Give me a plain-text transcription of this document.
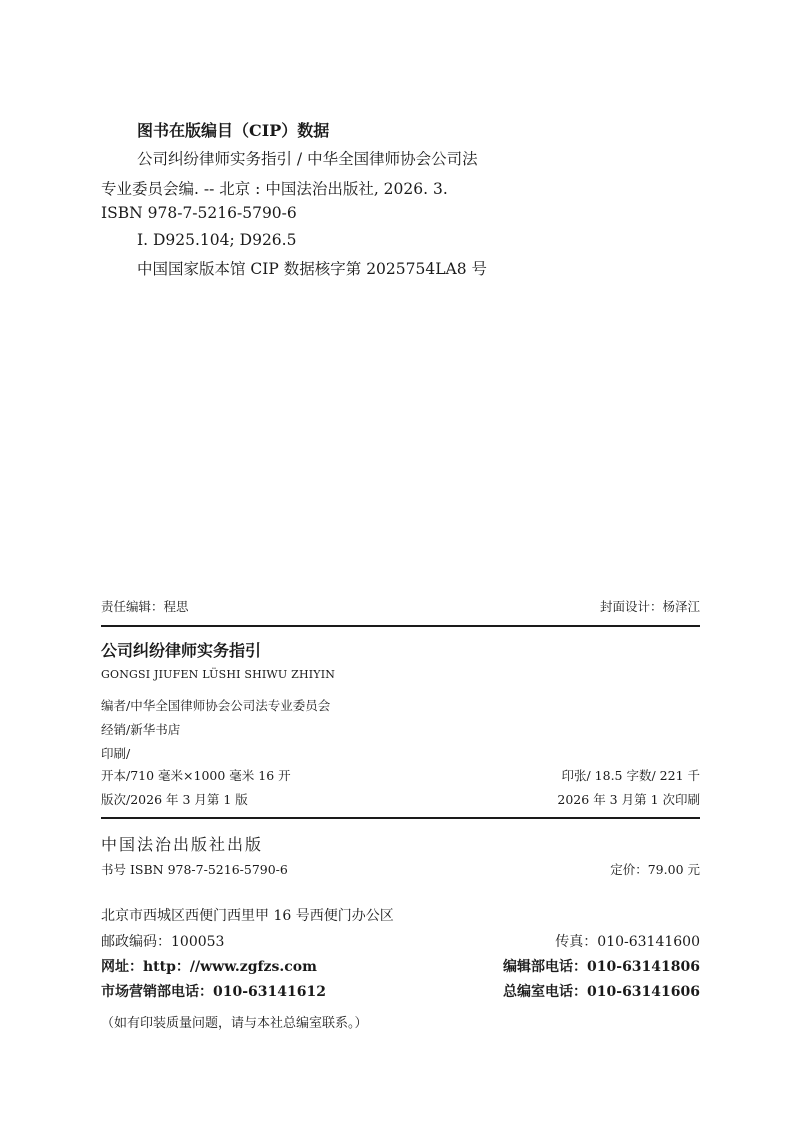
图书在版编目（CIP）数据
公司纠纷律师实务指引 / 中华全国律师协会公司法
专业委员会编. -- 北京 : 中国法治出版社, 2026. 3.
ISBN 978-7-5216-5790-6
Ⅰ. D925.104; D926.5
中国国家版本馆 CIP 数据核字第 2025754LA8 号
责任编辑：程思	封面设计：杨泽江
公司纠纷律师实务指引
GONGSI JIUFEN LÜSHI SHIWU ZHIYIN
编者/中华全国律师协会公司法专业委员会
经销/新华书店
印刷/
开本/710 毫米×1000 毫米 16 开	印张/ 18.5 字数/ 221 千
版次/2026 年 3 月第 1 版	2026 年 3 月第 1 次印刷
中国法治出版社出版
书号 ISBN 978-7-5216-5790-6	定价：79.00 元
北京市西城区西便门西里甲 16 号西便门办公区
邮政编码：100053	传真：010-63141600
网址：http：//www.zgfzs.com	编辑部电话：010-63141806
市场营销部电话：010-63141612	总编室电话：010-63141606
（如有印装质量问题，请与本社总编室联系。）
